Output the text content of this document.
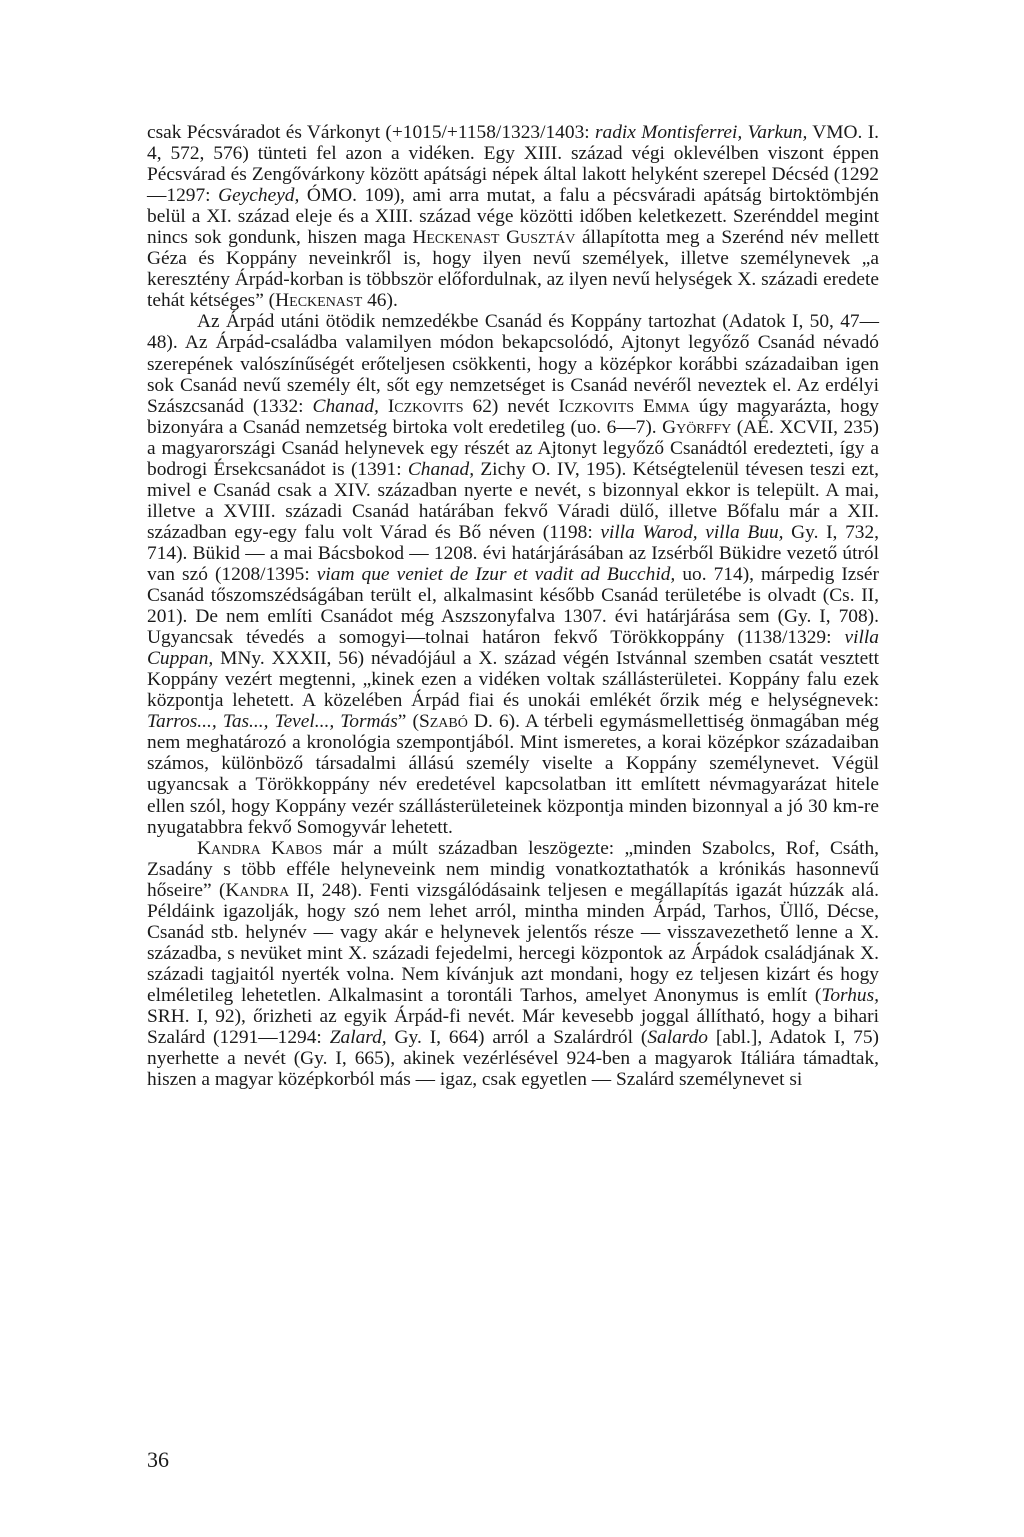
csak Pécsváradot és Várkonyt (+1015/+1158/1323/1403: radix Montisferrei, Varkun, VMO. I. 4, 572, 576) tünteti fel azon a vidéken. Egy XIII. század végi oklevélben viszont éppen Pécsvárad és Zengővárkony között apátsági népek által lakott helyként szerepel Décséd (1292—1297: Geycheyd, ÓMO. 109), ami arra mutat, a falu a pécsváradi apátság birtoktömbjén belül a XI. század eleje és a XIII. század vége közötti időben keletkezett. Szerénddel megint nincs sok gondunk, hiszen maga Heckenast Gusztáv állapította meg a Szerénd név mellett Géza és Koppány neveinkről is, hogy ilyen nevű személyek, illetve személynevek „a keresztény Árpád-korban is többször előfordulnak, az ilyen nevű helységek X. századi eredete tehát kétséges” (Heckenast 46).

Az Árpád utáni ötödik nemzedékbe Csanád és Koppány tartozhat (Adatok I, 50, 47—48). Az Árpád-családba valamilyen módon bekapcsolódó, Ajtonyt legyőző Csanád névadó szerepének valószínűségét erőteljesen csökkenti, hogy a középkor korábbi századaiban igen sok Csanád nevű személy élt, sőt egy nemzetséget is Csanád nevéről neveztek el. Az erdélyi Szászcsanád (1332: Chanad, Iczkovits 62) nevét Iczkovits Emma úgy magyarázta, hogy bizonyára a Csanád nemzetség birtoka volt eredetileg (uo. 6—7). Györffy (AÉ. XCVII, 235) a magyarországi Csanád helynevek egy részét az Ajtonyt legyőző Csanádtól eredezteti, így a bodrogi Érsekcsanádot is (1391: Chanad, Zichy O. IV, 195). Kétségtelenül tévesen teszi ezt, mivel e Csanád csak a XIV. században nyerte e nevét, s bizonnyal ekkor is települt. A mai, illetve a XVIII. századi Csanád határában fekvő Váradi dülő, illetve Bőfalu már a XII. században egy-egy falu volt Várad és Bő néven (1198: villa Warod, villa Buu, Gy. I, 732, 714). Bükid — a mai Bácsbokod — 1208. évi határjárásában az Izsérből Bükidre vezető útról van szó (1208/1395: viam que veniet de Izur et vadit ad Bucchid, uo. 714), márpedig Izsér Csanád tőszomszédságában terült el, alkalmasint később Csanád területébe is olvadt (Cs. II, 201). De nem említi Csanádot még Aszszonyfalva 1307. évi határjárása sem (Gy. I, 708). Ugyancsak tévedés a somogyi—tolnai határon fekvő Törökkoppány (1138/1329: villa Cuppan, MNy. XXXII, 56) névadójául a X. század végén Istvánnal szemben csatát vesztett Koppány vezért megtenni, „kinek ezen a vidéken voltak szállásterületei. Koppány falu ezek központja lehetett. A közelében Árpád fiai és unokái emlékét őrzik még e helységnevek: Tarros..., Tas..., Tevel..., Tormás” (Szabó D. 6). A térbeli egymásmellettiség önmagában még nem meghatározó a kronológia szempontjából. Mint ismeretes, a korai középkor századaiban számos, különböző társadalmi állású személy viselte a Koppány személynevet. Végül ugyancsak a Törökkoppány név eredetével kapcsolatban itt említett névmagyarázat hitele ellen szól, hogy Koppány vezér szállásterületeinek központja minden bizonnyal a jó 30 km-re nyugatabbra fekvő Somogyvár lehetett.

Kandra Kabos már a múlt században leszögezte: „minden Szabolcs, Rof, Csáth, Zsadány s több efféle helyneveink nem mindig vonatkoztathatók a krónikás hasonnevű hőseire” (Kandra II, 248). Fenti vizsgálódásaink teljesen e megállapítás igazát húzzák alá. Példáink igazolják, hogy szó nem lehet arról, mintha minden Árpád, Tarhos, Üllő, Décse, Csanád stb. helynév — vagy akár e helynevek jelentős része — visszavezethető lenne a X. századba, s nevüket mint X. századi fejedelmi, hercegi központok az Árpádok családjának X. századi tagjaitól nyerték volna. Nem kívánjuk azt mondani, hogy ez teljesen kizárt és hogy elméletileg lehetetlen. Alkalmasint a torontáli Tarhos, amelyet Anonymus is említ (Torhus, SRH. I, 92), őrizheti az egyik Árpád-fi nevét. Már kevesebb joggal állítható, hogy a bihari Szalárd (1291—1294: Zalard, Gy. I, 664) arról a Szalárdról (Salardo [abl.], Adatok I, 75) nyerhette a nevét (Gy. I, 665), akinek vezérlésével 924-ben a magyarok Itáliára támadtak, hiszen a magyar középkorból más — igaz, csak egyetlen — Szalárd személynevet si

36
